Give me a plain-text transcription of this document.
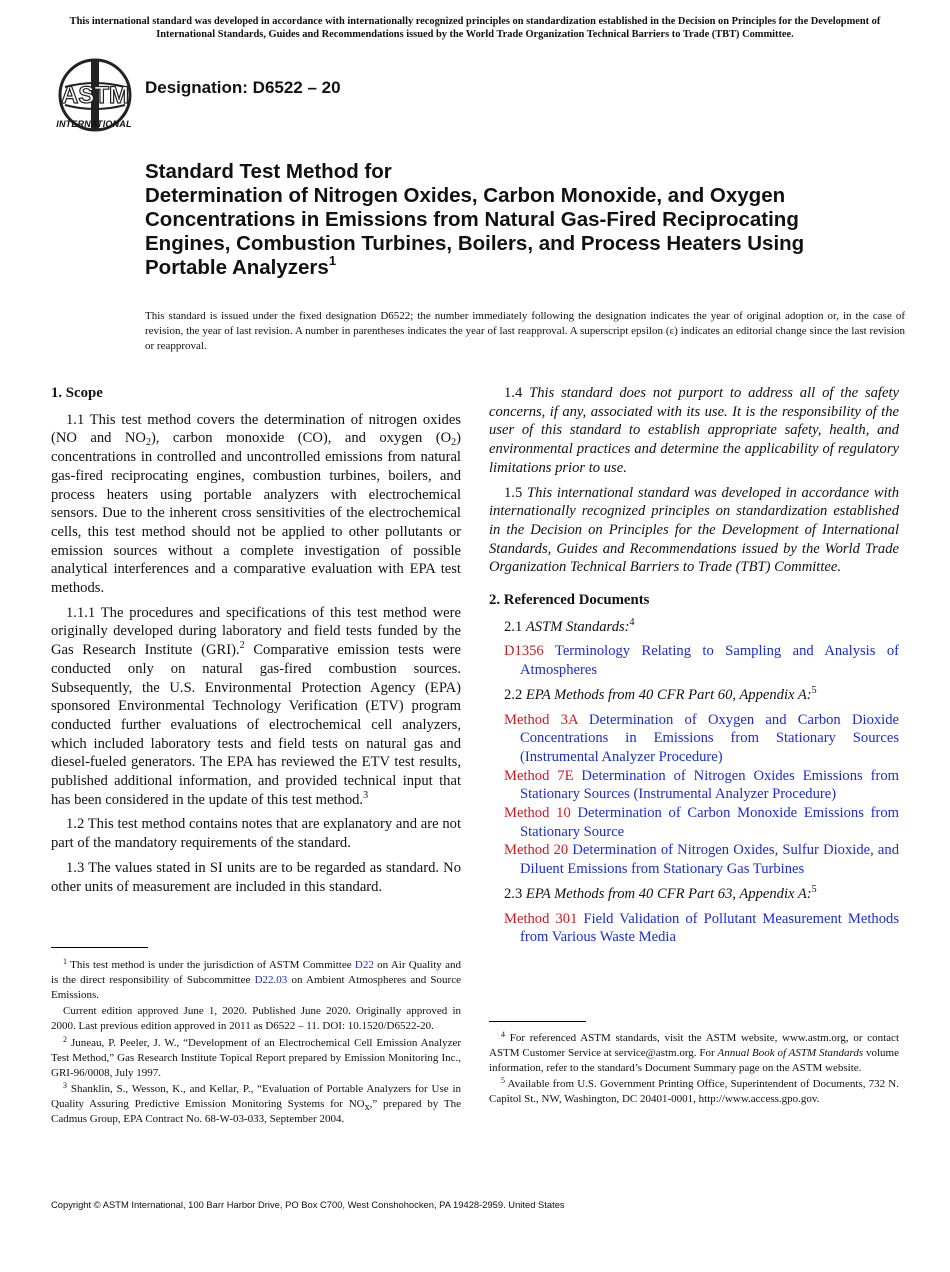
This international standard was developed in accordance with internationally recognized principles on standardization established in the Decision on Principles for the Development of International Standards, Guides and Recommendations issued by the World Trade Organization Technical Barriers to Trade (TBT) Committee.
ASTM
INTERNATIONAL
Designation: D6522 – 20
Standard Test Method for
Determination of Nitrogen Oxides, Carbon Monoxide, and Oxygen Concentrations in Emissions from Natural Gas-Fired Reciprocating Engines, Combustion Turbines, Boilers, and Process Heaters Using Portable Analyzers$^1$
This standard is issued under the fixed designation D6522; the number immediately following the designation indicates the year of original adoption or, in the case of revision, the year of last revision. A number in parentheses indicates the year of last reapproval. A superscript epsilon (ε) indicates an editorial change since the last revision or reapproval.
1. Scope

1.1 This test method covers the determination of nitrogen oxides (NO and $NO_2$), carbon monoxide (CO), and oxygen $(O_2)$ concentrations in controlled and uncontrolled emissions from natural gas-fired reciprocating engines, combustion turbines, boilers, and process heaters using portable analyzers with electrochemical sensors. Due to the inherent cross sensitivities of the electrochemical cells, this test method should not be applied to other pollutants or emission sources without a complete investigation of possible analytical interferences and a comparative evaluation with EPA test methods.

1.1.1 The procedures and specifications of this test method were originally developed during laboratory and field tests funded by the Gas Research Institute (GRI).$^2$ Comparative emission tests were conducted only on natural gas-fired combustion sources. Subsequently, the U.S. Environmental Protection Agency (EPA) sponsored Environmental Technology Verification (ETV) program conducted further evaluations of electrochemical cell analyzers, which included laboratory tests and field tests on natural gas and diesel-fueled generators. The EPA has reviewed the ETV test results, published additional information, and provided technical input that has been considered in the update of this test method.$^3$

1.2 This test method contains notes that are explanatory and are not part of the mandatory requirements of the standard.

1.3 The values stated in SI units are to be regarded as standard. No other units of measurement are included in this standard.

$^1$ This test method is under the jurisdiction of ASTM Committee D22 on Air Quality and is the direct responsibility of Subcommittee D22.03 on Ambient Atmospheres and Source Emissions.

Current edition approved June 1, 2020. Published June 2020. Originally approved in 2000. Last previous edition approved in 2011 as D6522 – 11. DOI: 10.1520/D6522-20.

$^2$ Juneau, P. Peeler, J. W., “Development of an Electrochemical Cell Emission Analyzer Test Method,” Gas Research Institute Topical Report prepared by Emission Monitoring Inc., GRI-96/0008, July 1997.

$^3$ Shanklin, S., Wesson, K., and Kellar, P., “Evaluation of Portable Analyzers for Use in Quality Assuring Predictive Emission Monitoring Systems for $NO_x$,” prepared by The Cadmus Group, EPA Contract No. 68-W-03-033, September 2004.

1.4 This standard does not purport to address all of the safety concerns, if any, associated with its use. It is the responsibility of the user of this standard to establish appropriate safety, health, and environmental practices and determine the applicability of regulatory limitations prior to use.

1.5 This international standard was developed in accordance with internationally recognized principles on standardization established in the Decision on Principles for the Development of International Standards, Guides and Recommendations issued by the World Trade Organization Technical Barriers to Trade (TBT) Committee.

2. Referenced Documents

2.1 ASTM Standards:$^4$

D1356 Terminology Relating to Sampling and Analysis of Atmospheres

2.2 EPA Methods from 40 CFR Part 60, Appendix A:$^5$

Method 3A Determination of Oxygen and Carbon Dioxide Concentrations in Emissions from Stationary Sources (Instrumental Analyzer Procedure)
Method 7E Determination of Nitrogen Oxides Emissions from Stationary Sources (Instrumental Analyzer Procedure)
Method 10 Determination of Carbon Monoxide Emissions from Stationary Source
Method 20 Determination of Nitrogen Oxides, Sulfur Dioxide, and Diluent Emissions from Stationary Gas Turbines

2.3 EPA Methods from 40 CFR Part 63, Appendix A:$^5$

Method 301 Field Validation of Pollutant Measurement Methods from Various Waste Media

$^4$ For referenced ASTM standards, visit the ASTM website, www.astm.org, or contact ASTM Customer Service at service@astm.org. For Annual Book of ASTM Standards volume information, refer to the standard’s Document Summary page on the ASTM website.

$^5$ Available from U.S. Government Printing Office, Superintendent of Documents, 732 N. Capitol St., NW, Washington, DC 20401-0001, http://www.access.gpo.gov.

Copyright © ASTM International, 100 Barr Harbor Drive, PO Box C700, West Conshohocken, PA 19428-2959. United States
